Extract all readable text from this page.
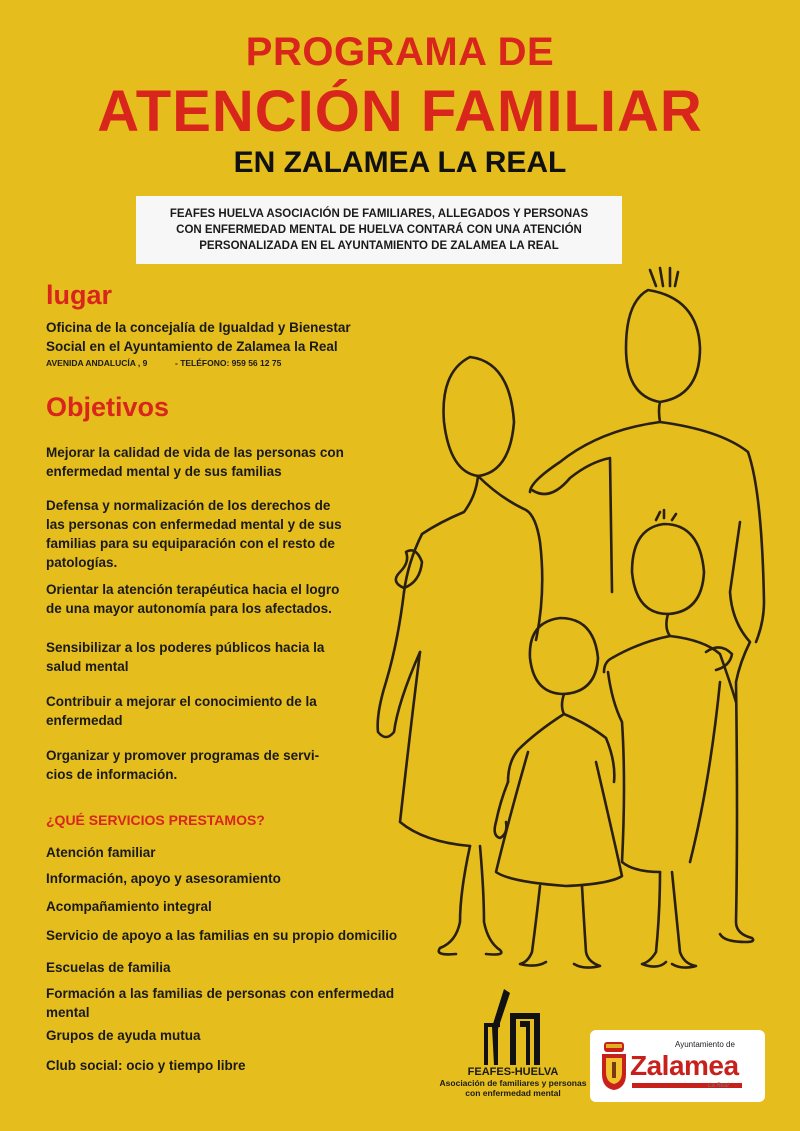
PROGRAMA DE
ATENCIÓN FAMILIAR
EN ZALAMEA LA REAL
FEAFES HUELVA ASOCIACIÓN DE FAMILIARES, ALLEGADOS Y PERSONAS
CON ENFERMEDAD MENTAL DE HUELVA CONTARÁ CON UNA ATENCIÓN
PERSONALIZADA EN EL AYUNTAMIENTO DE ZALAMEA LA REAL
lugar
Oficina de la concejalía de Igualdad y Bienestar
Social en el Ayuntamiento de Zalamea la Real
AVENIDA ANDALUCÍA , 9	- TELÉFONO: 959 56 12 75
Objetivos
Mejorar la calidad de vida de las personas con
enfermedad mental y de sus familias
Defensa y normalización de los derechos de
las personas con enfermedad mental y de sus
familias para su equiparación con el resto de
patologías.
Orientar la atención terapéutica hacia el logro
de una mayor autonomía para los afectados.
Sensibilizar a los poderes públicos hacia la
salud mental
Contribuir a mejorar el conocimiento de la
enfermedad
Organizar y promover programas de servi-
cios de información.
¿QUÉ SERVICIOS PRESTAMOS?
Atención familiar
Información, apoyo y asesoramiento
Acompañamiento integral
Servicio de apoyo a las familias en su propio domicilio
Escuelas de familia
Formación a las familias de personas con enfermedad
mental
Grupos de ayuda mutua
Club social: ocio y tiempo libre	FEAFES-HUELVA
Asociación de familiares y personas
con enfermedad mental
Ayuntamiento de
Zalamea
La Real
